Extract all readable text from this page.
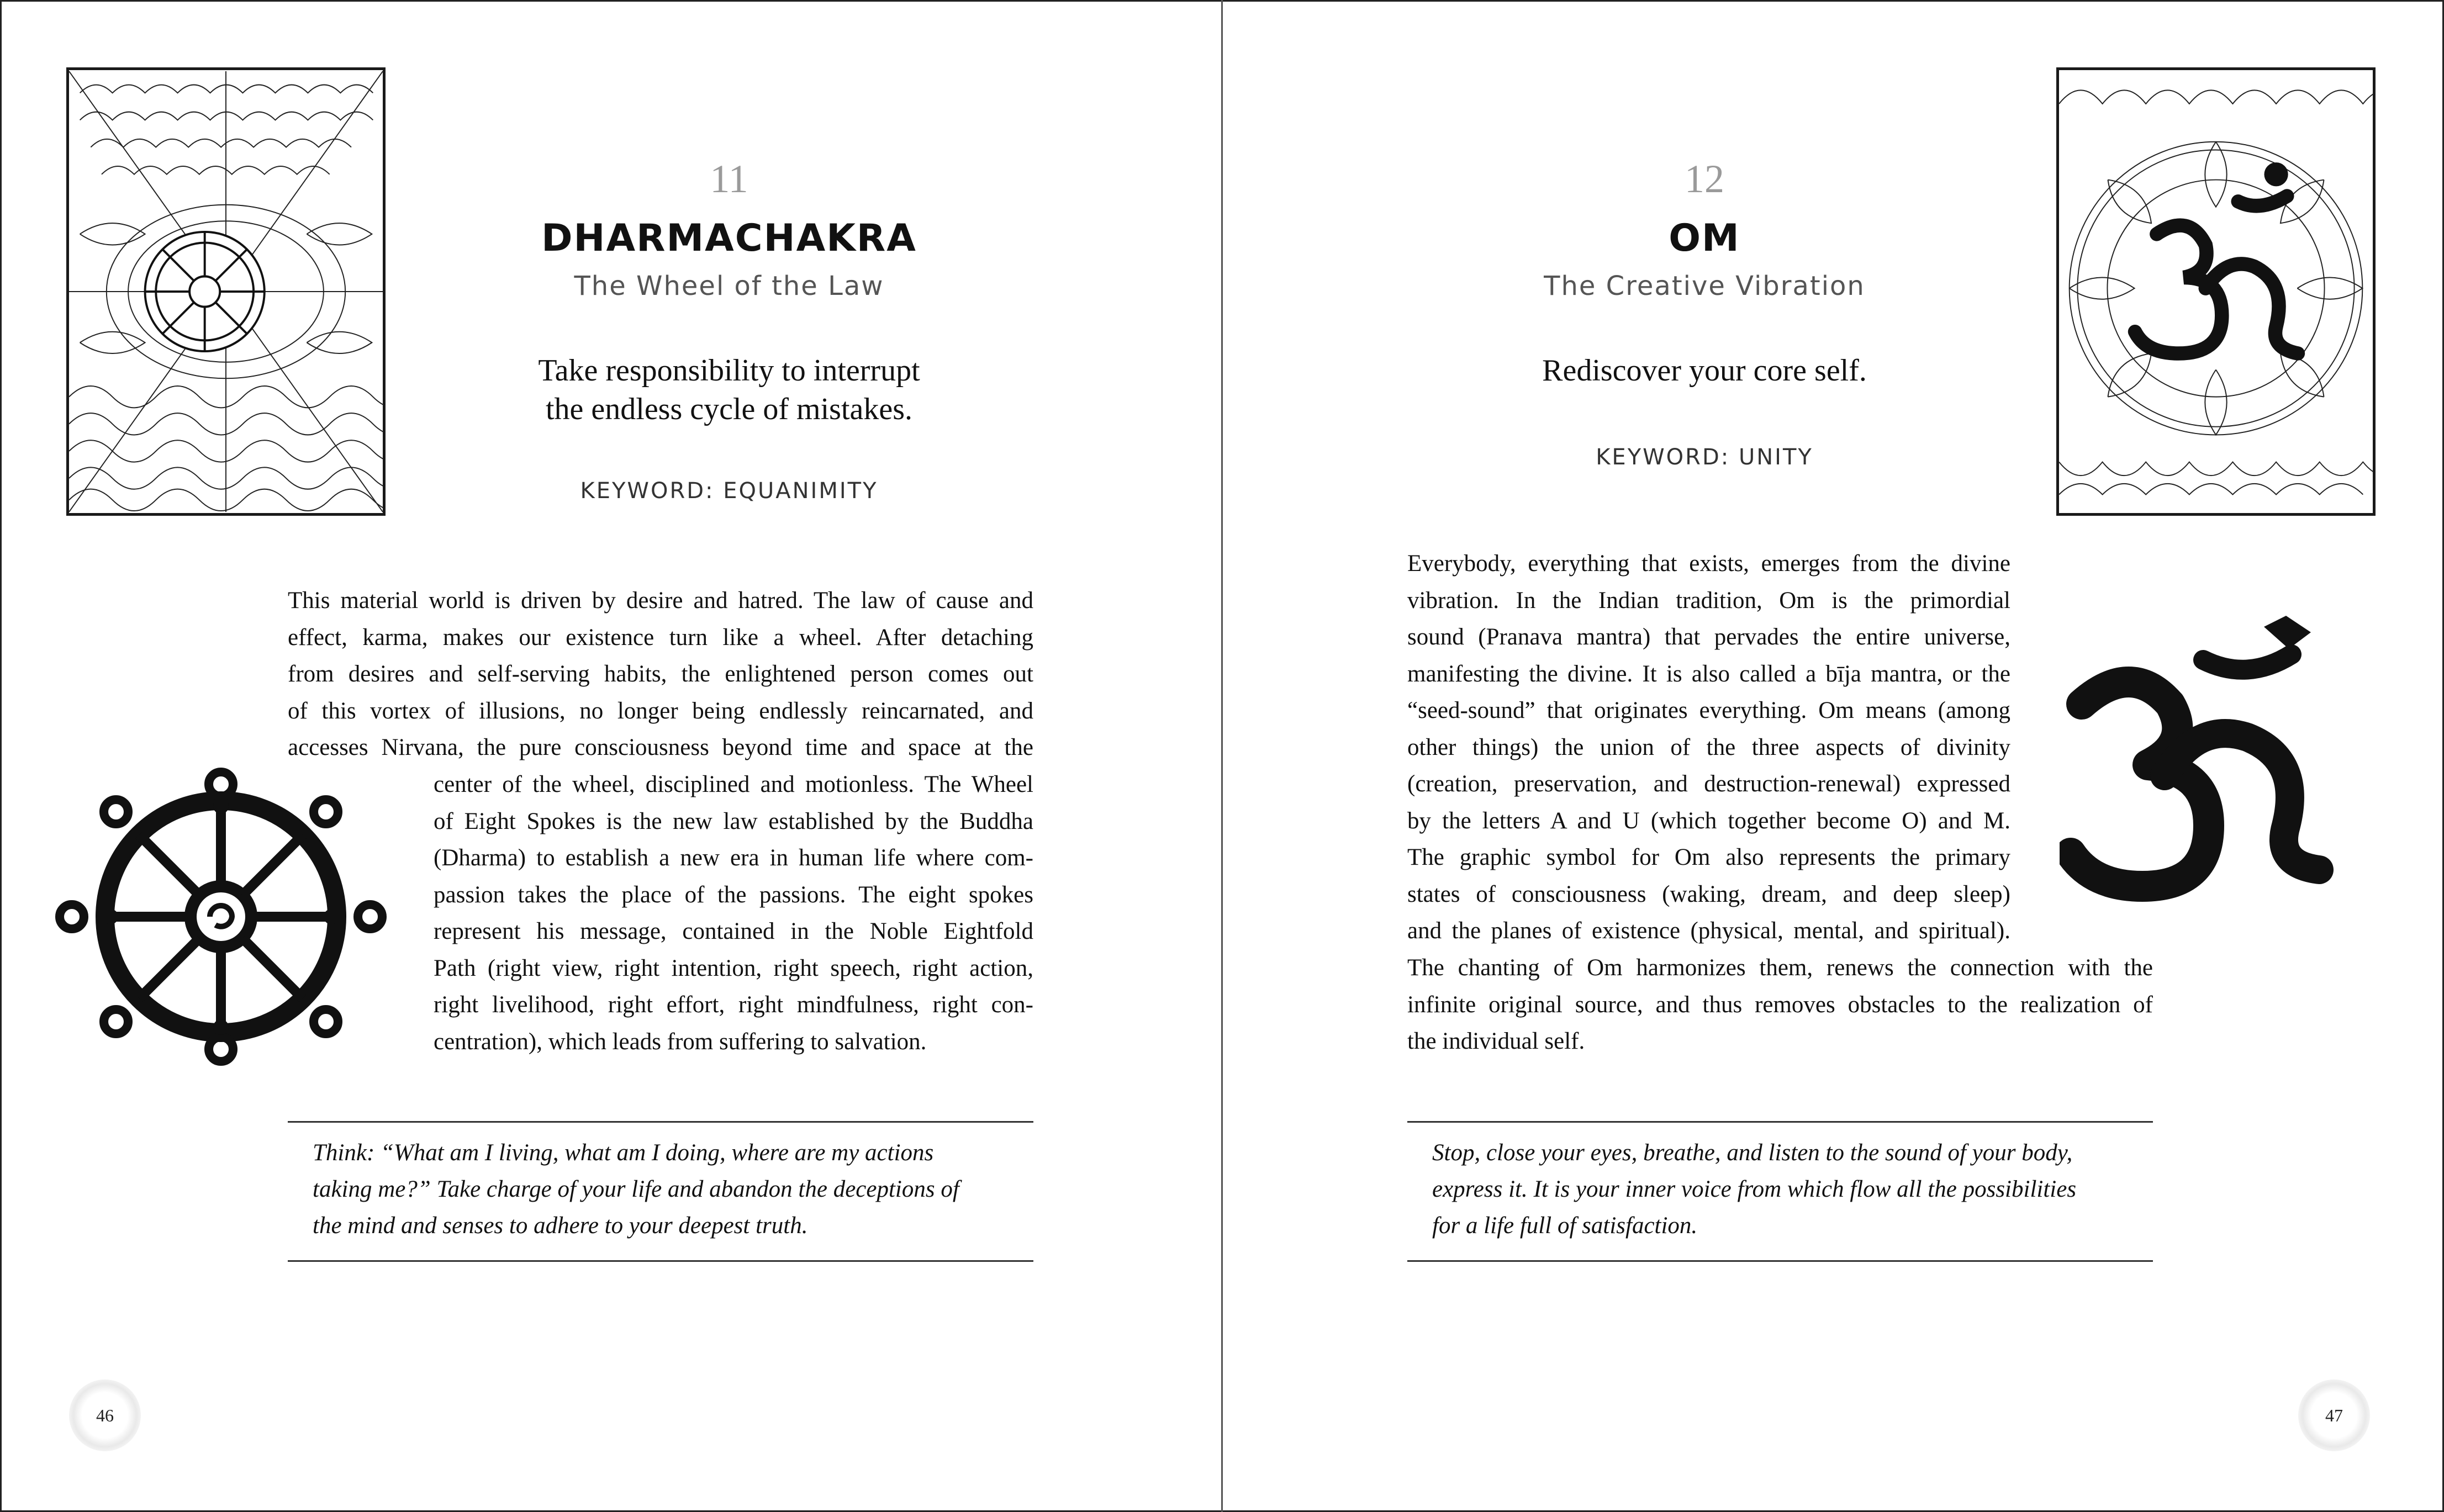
11
DHARMACHAKRA
The Wheel of the Law
Take responsibility to interrupt
the endless cycle of mistakes.
KEYWORD: EQUANIMITY
This material world is driven by desire and hatred. The law of cause and
effect, karma, makes our existence turn like a wheel. After detaching
from desires and self-serving habits, the enlightened person comes out
of this vortex of illusions, no longer being endlessly reincarnated, and
accesses Nirvana, the pure consciousness beyond time and space at the
center of the wheel, disciplined and motionless. The Wheel
of Eight Spokes is the new law established by the Buddha
(Dharma) to establish a new era in human life where com-
passion takes the place of the passions. The eight spokes
represent his message, contained in the Noble Eightfold
Path (right view, right intention, right speech, right action,
right livelihood, right effort, right mindfulness, right con-
centration), which leads from suffering to salvation.
Think: “What am I living, what am I doing, where are my actions
taking me?” Take charge of your life and abandon the deceptions of
the mind and senses to adhere to your deepest truth.
46
12
OM
The Creative Vibration
Rediscover your core self.
KEYWORD: UNITY
Everybody, everything that exists, emerges from the divine
vibration. In the Indian tradition, Om is the primordial
sound (Pranava mantra) that pervades the entire universe,
manifesting the divine. It is also called a bīja mantra, or the
“seed-sound” that originates everything. Om means (among
other things) the union of the three aspects of divinity
(creation, preservation, and destruction-renewal) expressed
by the letters A and U (which together become O) and M.
The graphic symbol for Om also represents the primary
states of consciousness (waking, dream, and deep sleep)
and the planes of existence (physical, mental, and spiritual).
The chanting of Om harmonizes them, renews the connection with the
infinite original source, and thus removes obstacles to the realization of
the individual self.
Stop, close your eyes, breathe, and listen to the sound of your body,
express it. It is your inner voice from which flow all the possibilities
for a life full of satisfaction.
47
